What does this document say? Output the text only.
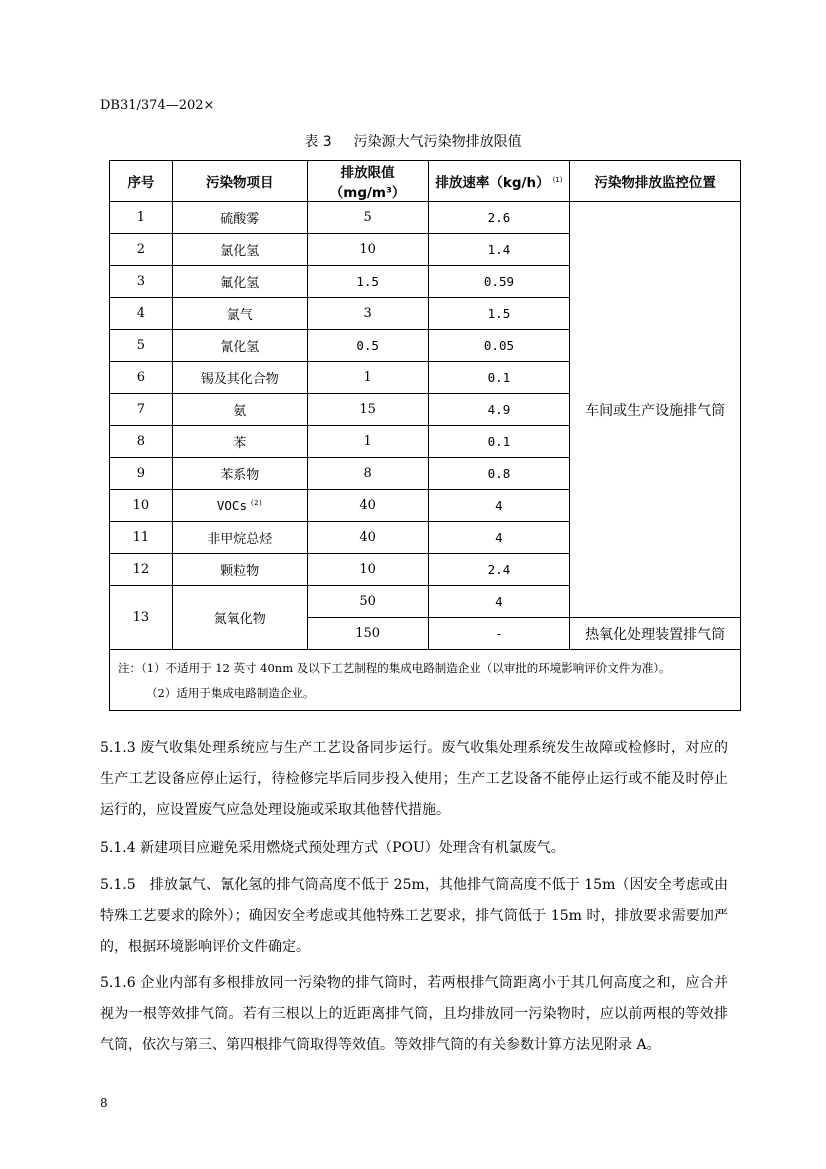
DB31/374—202×
表 3 污染源大气污染物排放限值
序号	污染物项目	排放限值（mg/m³）	排放速率（kg/h） $^{(1)}$	污染物排放监控位置
1	硫酸雾	5	2.6	车间或生产设施排气筒
2	氯化氢	10	1.4	
3	氟化氢	1.5	0.59	
4	氯气	3	1.5	
5	氰化氢	0.5	0.05	
6	锡及其化合物	1	0.1	
7	氨	15	4.9	
8	苯	1	0.1	
9	苯系物	8	0.8	
10	VOCs $^{(2)}$	40	4	
11	非甲烷总烃	40	4	
12	颗粒物	10	2.4	
13	氮氧化物	50	4	
		150	-	热氧化处理装置排气筒
注：（1）不适用于 12 英寸 40nm 及以下工艺制程的集成电路制造企业（以审批的环境影响评价文件为准）。
（2）适用于集成电路制造企业。				
5.1.3 废气收集处理系统应与生产工艺设备同步运行。废气收集处理系统发生故障或检修时，对应的生产工艺设备应停止运行，待检修完毕后同步投入使用；生产工艺设备不能停止运行或不能及时停止运行的，应设置废气应急处理设施或采取其他替代措施。
5.1.4 新建项目应避免采用燃烧式预处理方式（POU）处理含有机氯废气。
5.1.5　排放氯气、氰化氢的排气筒高度不低于 25m，其他排气筒高度不低于 15m（因安全考虑或由特殊工艺要求的除外）；确因安全考虑或其他特殊工艺要求，排气筒低于 15m 时，排放要求需要加严的，根据环境影响评价文件确定。
5.1.6 企业内部有多根排放同一污染物的排气筒时，若两根排气筒距离小于其几何高度之和，应合并视为一根等效排气筒。若有三根以上的近距离排气筒，且均排放同一污染物时，应以前两根的等效排气筒，依次与第三、第四根排气筒取得等效值。等效排气筒的有关参数计算方法见附录 A。
8
